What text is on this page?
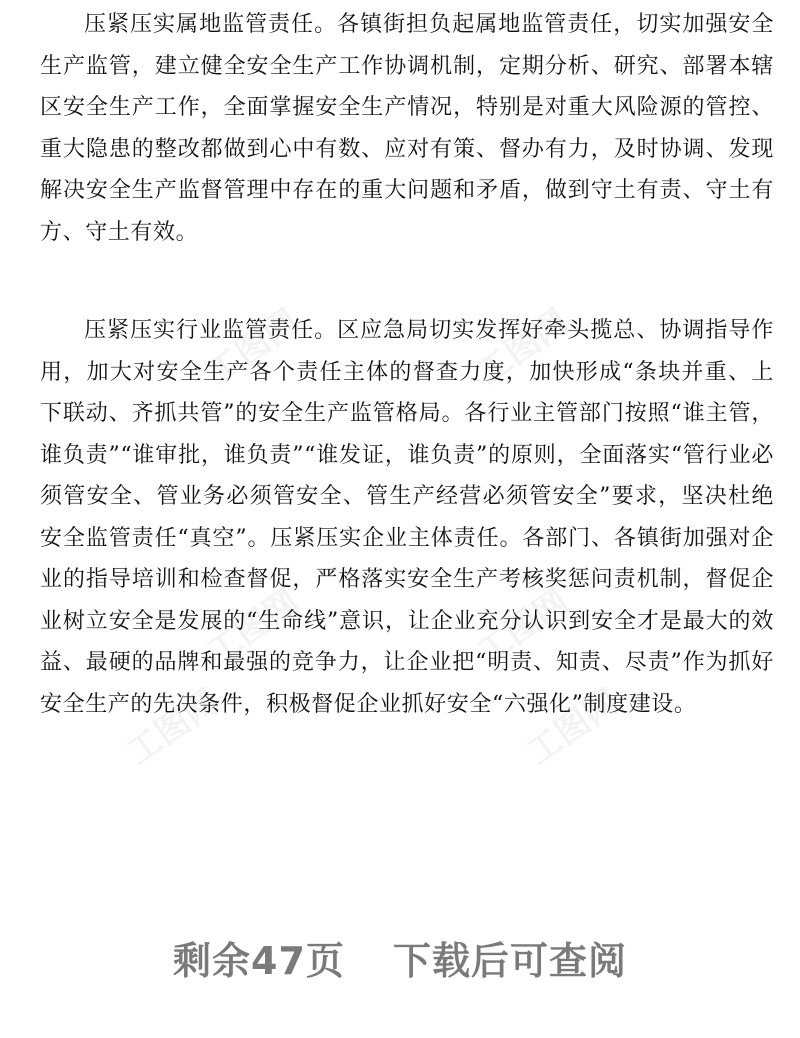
工图网	工图网
工图网	工图网
工图网	工图网

压紧压实属地监管责任。各镇街担负起属地监管责任，切实加强安全生产监管，建立健全安全生产工作协调机制，定期分析、研究、部署本辖区安全生产工作，全面掌握安全生产情况，特别是对重大风险源的管控、重大隐患的整改都做到心中有数、应对有策、督办有力，及时协调、发现解决安全生产监督管理中存在的重大问题和矛盾，做到守土有责、守土有方、守土有效。

压紧压实行业监管责任。区应急局切实发挥好牵头揽总、协调指导作用，加大对安全生产各个责任主体的督查力度，加快形成“条块并重、上下联动、齐抓共管”的安全生产监管格局。各行业主管部门按照“谁主管，谁负责”“谁审批，谁负责”“谁发证，谁负责”的原则，全面落实“管行业必须管安全、管业务必须管安全、管生产经营必须管安全”要求，坚决杜绝安全监管责任“真空”。压紧压实企业主体责任。各部门、各镇街加强对企业的指导培训和检查督促，严格落实安全生产考核奖惩问责机制，督促企业树立安全是发展的“生命线”意识，让企业充分认识到安全才是最大的效益、最硬的品牌和最强的竞争力，让企业把“明责、知责、尽责”作为抓好安全生产的先决条件，积极督促企业抓好安全“六强化”制度建设。

剩余47页 下载后可查阅
